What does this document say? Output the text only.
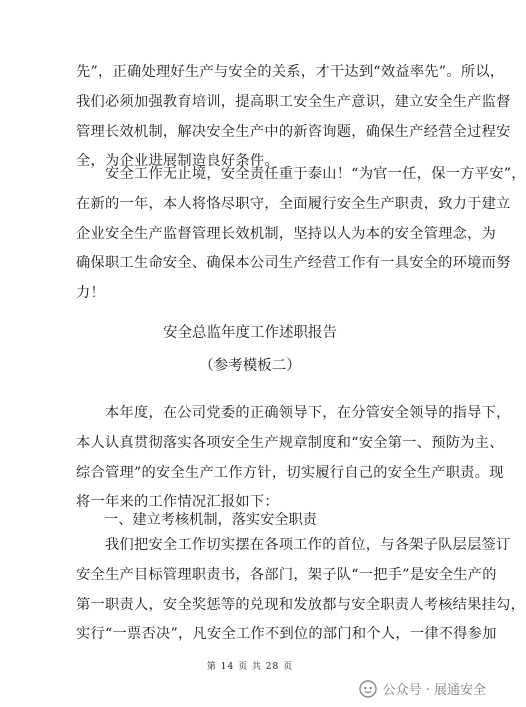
先”，正确处理好生产与安全的关系，才干达到“效益率先”。所以，
我们必须加强教育培训，提高职工安全生产意识，建立安全生产监督
管理长效机制，解决安全生产中的新咨询题，确保生产经营全过程安
全，为企业进展制造良好条件。

　　安全工作无止境，安全责任重于泰山！“为官一任，保一方平安”，
在新的一年，本人将恪尽职守，全面履行安全生产职责，致力于建立
企业安全生产监督管理长效机制，坚持以人为本的安全管理念，为
确保职工生命安全、确保本公司生产经营工作有一具安全的环境而努
力！

安全总监年度工作述职报告

（参考模板二）

　　本年度，在公司党委的正确领导下，在分管安全领导的指导下，
本人认真贯彻落实各项安全生产规章制度和“安全第一、预防为主、
综合管理”的安全生产工作方针，切实履行自己的安全生产职责。现
将一年来的工作情况汇报如下：

一、建立考核机制，落实安全职责

　　我们把安全工作切实摆在各项工作的首位，与各架子队层层签订
安全生产目标管理职责书，各部门，架子队“一把手”是安全生产的
第一职责人，安全奖惩等的兑现和发放都与安全职责人考核结果挂勾，
实行“一票否决”，凡安全工作不到位的部门和个人，一律不得参加

第 14 页 共 28 页
公众号 · 展通安全
